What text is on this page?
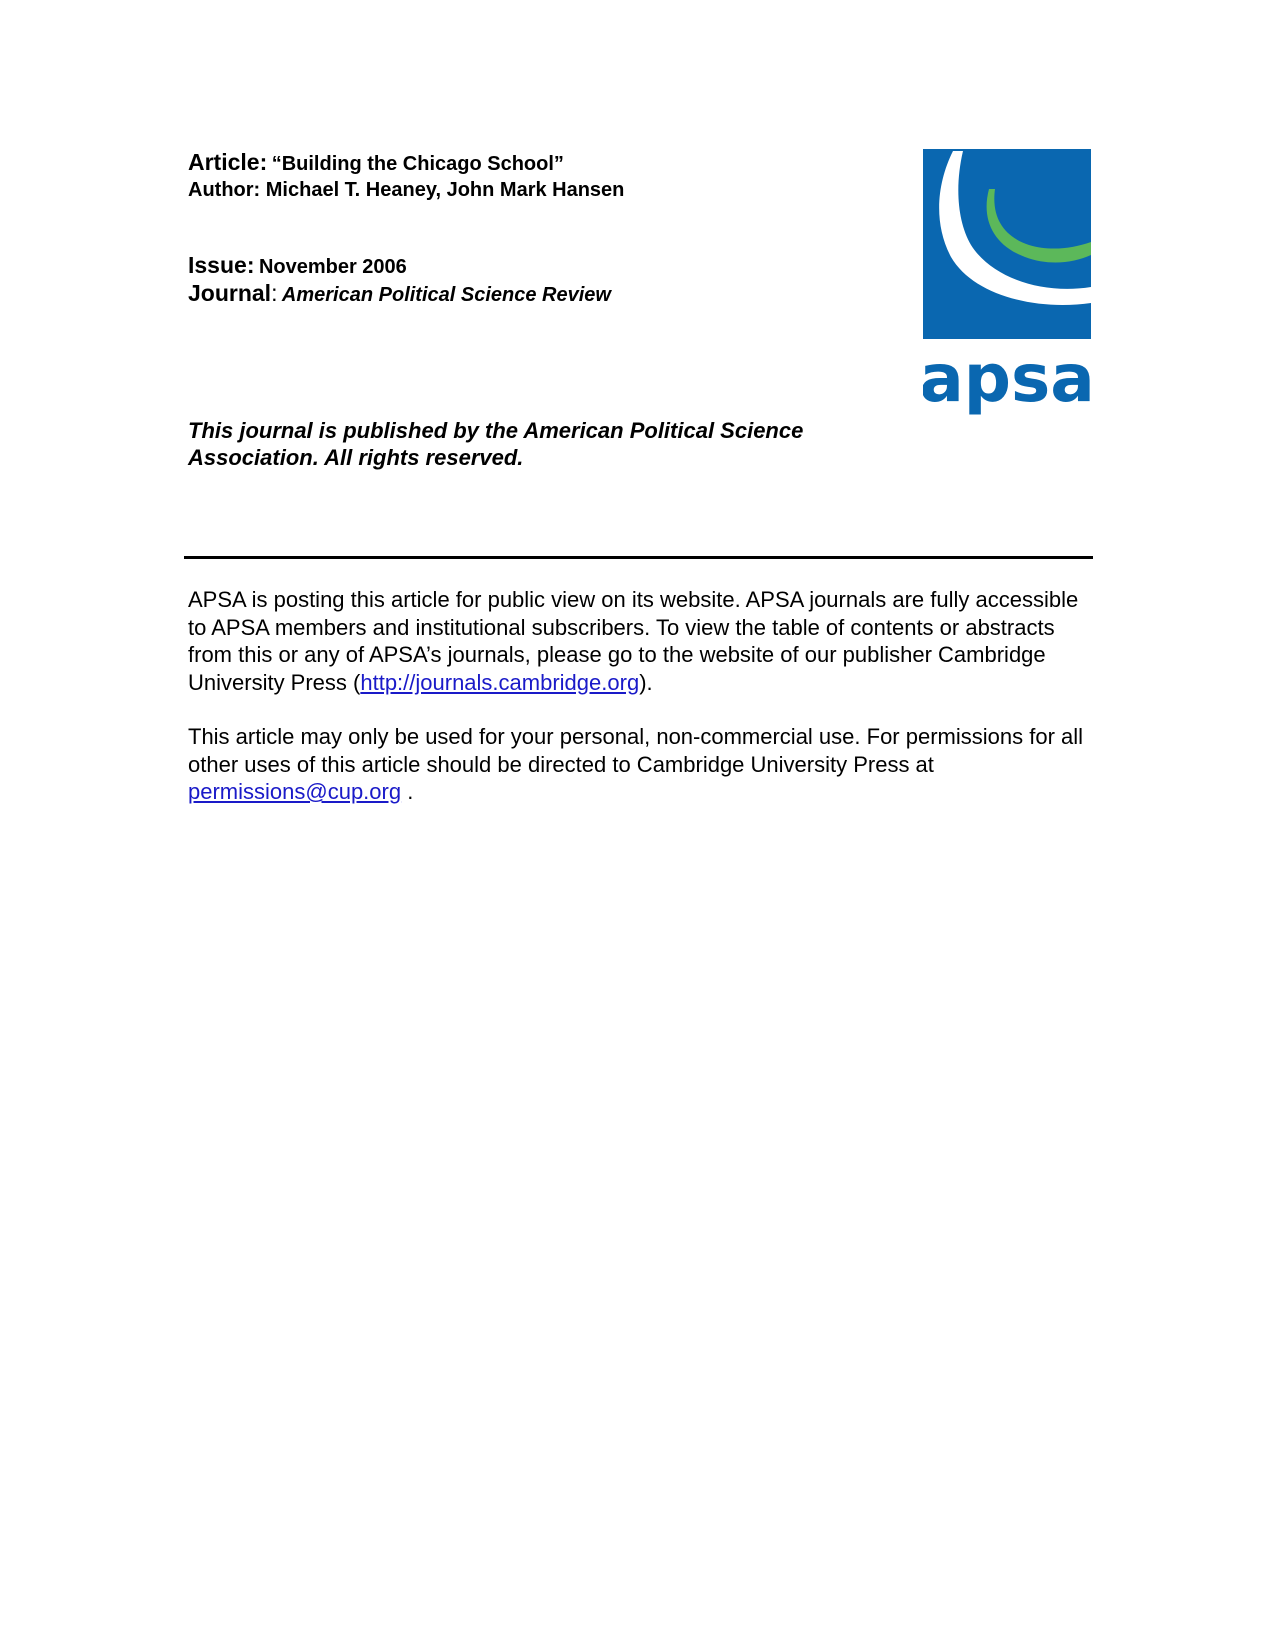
Article: “Building the Chicago School”
Author: Michael T. Heaney, John Mark Hansen
Issue: November 2006
Journal: American Political Science Review
apsa
This journal is published by the American Political Science Association. All rights reserved.
APSA is posting this article for public view on its website. APSA journals are fully accessible to APSA members and institutional subscribers. To view the table of contents or abstracts from this or any of APSA’s journals, please go to the website of our publisher Cambridge University Press (http://journals.cambridge.org).
This article may only be used for your personal, non-commercial use. For permissions for all other uses of this article should be directed to Cambridge University Press at permissions@cup.org .
